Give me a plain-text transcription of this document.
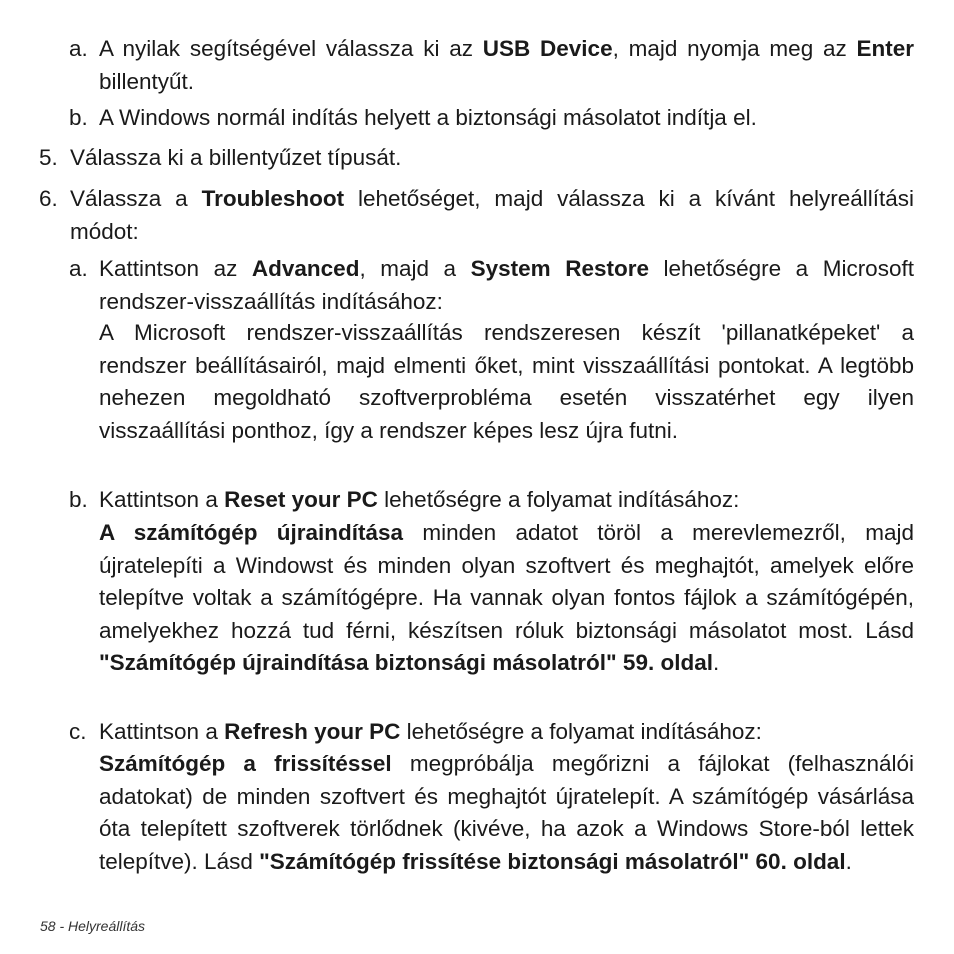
a. A nyilak segítségével válassza ki az USB Device, majd nyomja meg az Enter billentyűt.
b. A Windows normál indítás helyett a biztonsági másolatot indítja el.
5. Válassza ki a billentyűzet típusát.
6. Válassza a Troubleshoot lehetőséget, majd válassza ki a kívánt helyreállítási módot:
a. Kattintson az Advanced, majd a System Restore lehetőségre a Microsoft rendszer-visszaállítás indításához:
A Microsoft rendszer-visszaállítás rendszeresen készít 'pillanatképeket' a rendszer beállításairól, majd elmenti őket, mint visszaállítási pontokat. A legtöbb nehezen megoldható szoftverprobléma esetén visszatérhet egy ilyen visszaállítási ponthoz, így a rendszer képes lesz újra futni.
b. Kattintson a Reset your PC lehetőségre a folyamat indításához:
A számítógép újraindítása minden adatot töröl a merevlemezről, majd újratelepíti a Windowst és minden olyan szoftvert és meghajtót, amelyek előre telepítve voltak a számítógépre. Ha vannak olyan fontos fájlok a számítógépén, amelyekhez hozzá tud férni, készítsen róluk biztonsági másolatot most. Lásd "Számítógép újraindítása biztonsági másolatról" 59. oldal.
c. Kattintson a Refresh your PC lehetőségre a folyamat indításához:
Számítógép a frissítéssel megpróbálja megőrizni a fájlokat (felhasználói adatokat) de minden szoftvert és meghajtót újratelepít. A számítógép vásárlása óta telepített szoftverek törlődnek (kivéve, ha azok a Windows Store-ból lettek telepítve). Lásd "Számítógép frissítése biztonsági másolatról" 60. oldal.
58 - Helyreállítás
